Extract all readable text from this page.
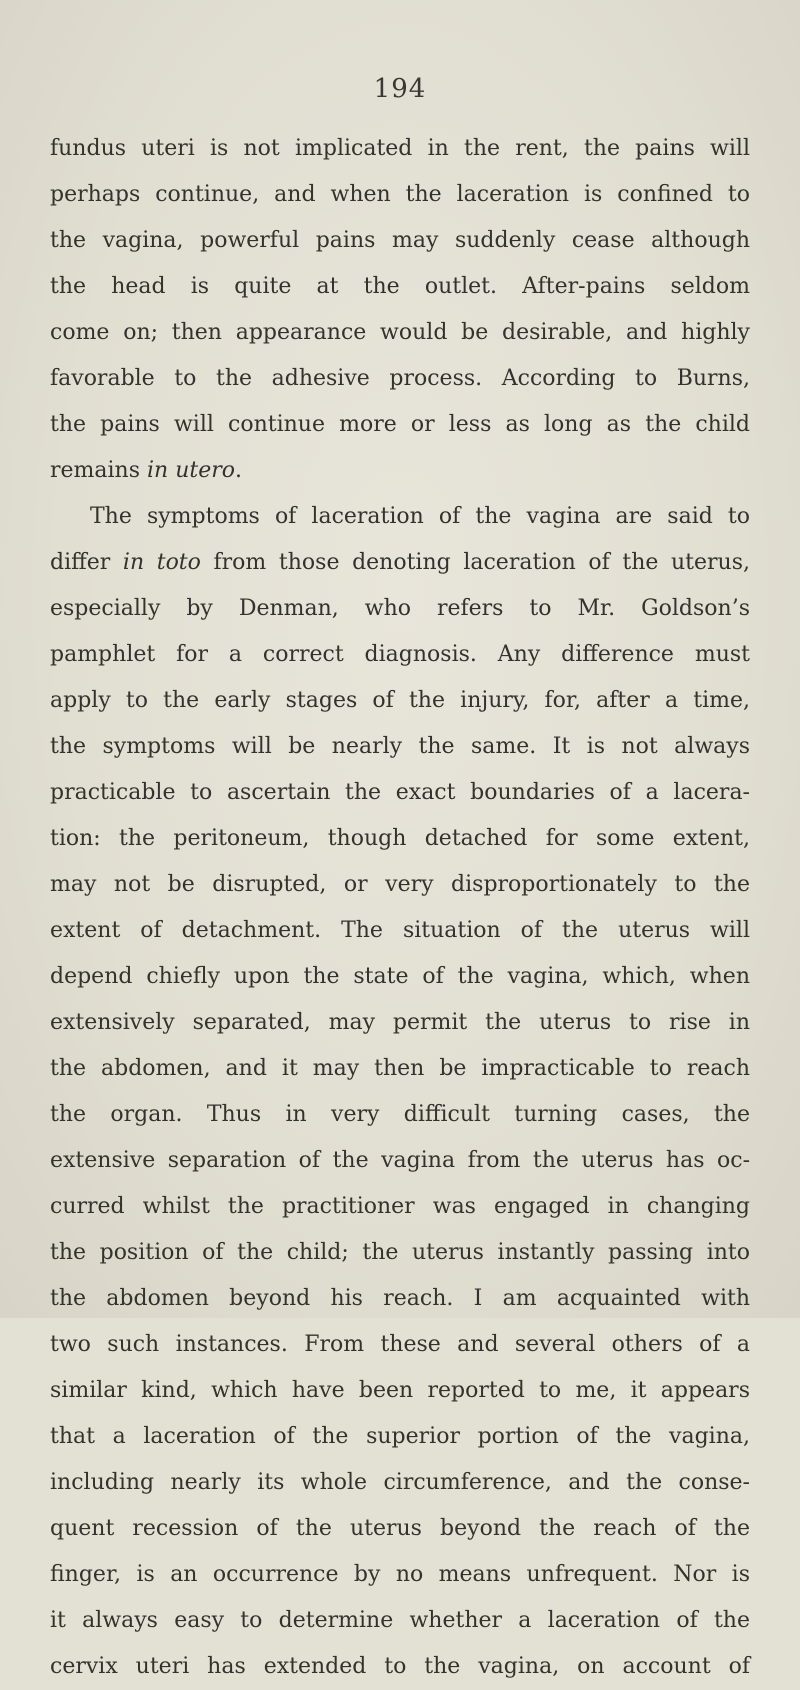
194
fundus uteri is not implicated in the rent, the pains will
perhaps continue, and when the laceration is confined to
the vagina, powerful pains may suddenly cease although
the head is quite at the outlet. After-pains seldom
come on; then appearance would be desirable, and highly
favorable to the adhesive process. According to Burns,
the pains will continue more or less as long as the child
remains in utero.
The symptoms of laceration of the vagina are said to
differ in toto from those denoting laceration of the uterus,
especially by Denman, who refers to Mr. Goldson’s
pamphlet for a correct diagnosis. Any difference must
apply to the early stages of the injury, for, after a time,
the symptoms will be nearly the same. It is not always
practicable to ascertain the exact boundaries of a lacera-
tion: the peritoneum, though detached for some extent,
may not be disrupted, or very disproportionately to the
extent of detachment. The situation of the uterus will
depend chiefly upon the state of the vagina, which, when
extensively separated, may permit the uterus to rise in
the abdomen, and it may then be impracticable to reach
the organ. Thus in very difficult turning cases, the
extensive separation of the vagina from the uterus has oc-
curred whilst the practitioner was engaged in changing
the position of the child; the uterus instantly passing into
the abdomen beyond his reach. I am acquainted with
two such instances. From these and several others of a
similar kind, which have been reported to me, it appears
that a laceration of the superior portion of the vagina,
including nearly its whole circumference, and the conse-
quent recession of the uterus beyond the reach of the
finger, is an occurrence by no means unfrequent. Nor is
it always easy to determine whether a laceration of the
cervix uteri has extended to the vagina, on account of
